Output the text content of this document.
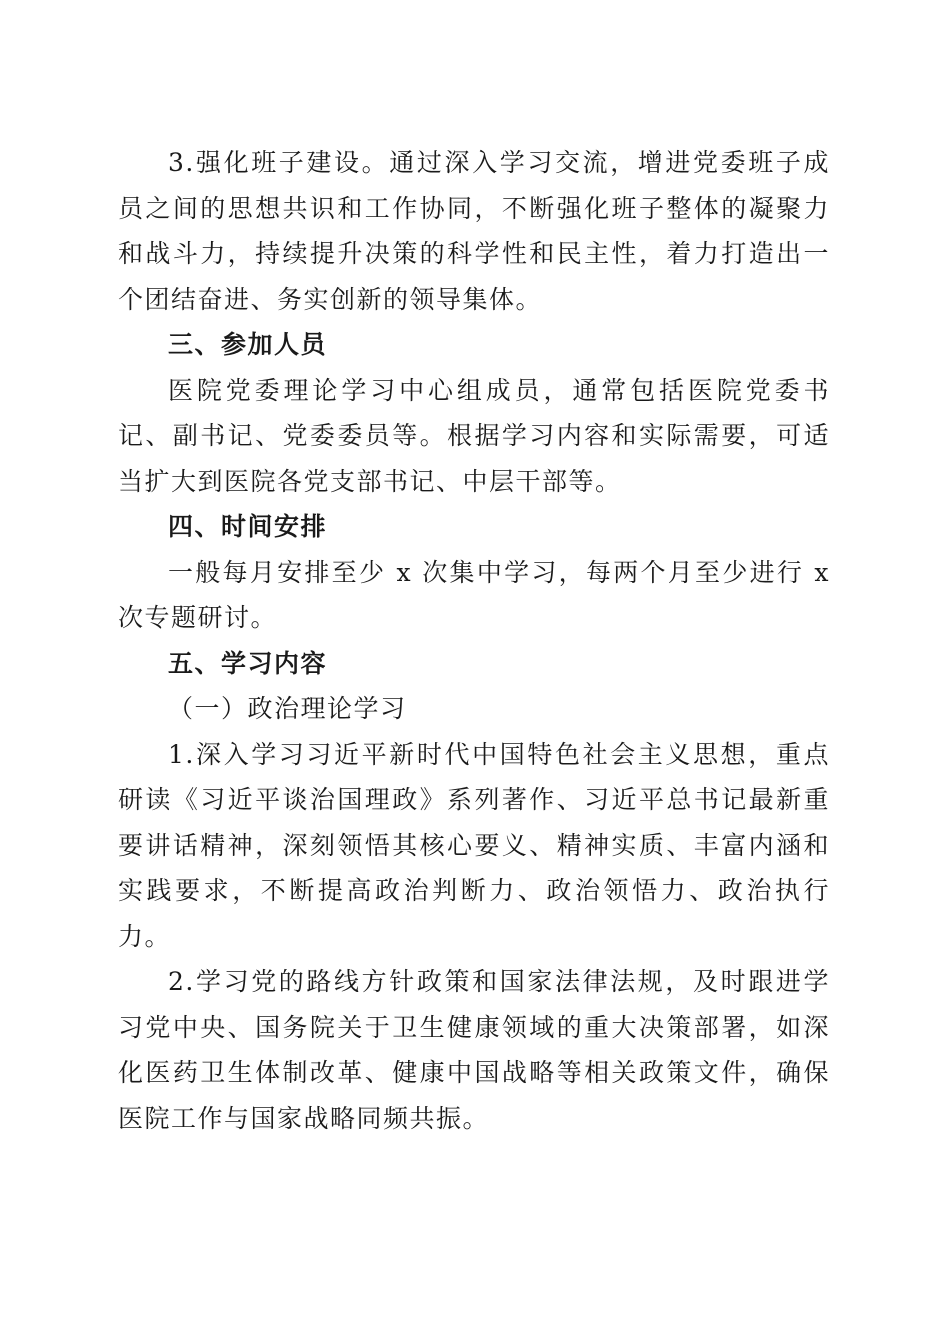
3.强化班子建设。通过深入学习交流，增进党委班子成员之间的思想共识和工作协同，不断强化班子整体的凝聚力和战斗力，持续提升决策的科学性和民主性，着力打造出一个团结奋进、务实创新的领导集体。

三、参加人员

医院党委理论学习中心组成员，通常包括医院党委书记、副书记、党委委员等。根据学习内容和实际需要，可适当扩大到医院各党支部书记、中层干部等。

四、时间安排

一般每月安排至少 x 次集中学习，每两个月至少进行 x 次专题研讨。

五、学习内容

（一）政治理论学习

1.深入学习习近平新时代中国特色社会主义思想，重点研读《习近平谈治国理政》系列著作、习近平总书记最新重要讲话精神，深刻领悟其核心要义、精神实质、丰富内涵和实践要求，不断提高政治判断力、政治领悟力、政治执行力。

2.学习党的路线方针政策和国家法律法规，及时跟进学习党中央、国务院关于卫生健康领域的重大决策部署，如深化医药卫生体制改革、健康中国战略等相关政策文件，确保医院工作与国家战略同频共振。
